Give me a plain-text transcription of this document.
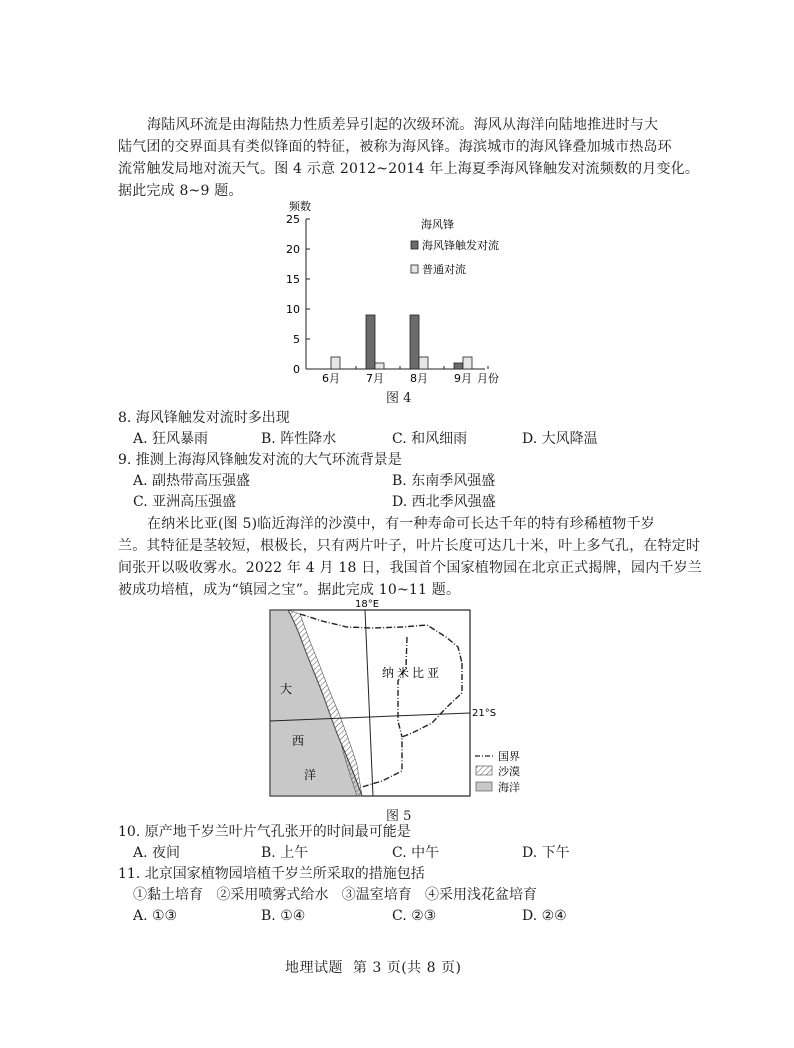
海陆风环流是由海陆热力性质差异引起的次级环流。海风从海洋向陆地推进时与大
陆气团的交界面具有类似锋面的特征，被称为海风锋。海滨城市的海风锋叠加城市热岛环
流常触发局地对流天气。图 4 示意 2012~2014 年上海夏季海风锋触发对流频数的月变化。
据此完成 8~9 题。
频数
0
5
10
15
20
25
6月 7月 8月 9月 月份
海风锋
海风锋触发对流
普通对流
图 4
8. 海风锋触发对流时多出现
A. 狂风暴雨	B. 阵性降水	C. 和风细雨	D. 大风降温
9. 推测上海海风锋触发对流的大气环流背景是
A. 副热带高压强盛	B. 东南季风强盛
C. 亚洲高压强盛	D. 西北季风强盛
在纳米比亚(图 5)临近海洋的沙漠中，有一种寿命可长达千年的特有珍稀植物千岁
兰。其特征是茎较短，根极长，只有两片叶子，叶片长度可达几十米，叶上多气孔，在特定时
间张开以吸收雾水。2022 年 4 月 18 日，我国首个国家植物园在北京正式揭牌，园内千岁兰
被成功培植，成为“镇园之宝”。据此完成 10~11 题。
18°E
21°S
纳米比亚
大
西
洋
国界
沙漠
海洋
图 5
10. 原产地千岁兰叶片气孔张开的时间最可能是
A. 夜间	B. 上午	C. 中午	D. 下午
11. 北京国家植物园培植千岁兰所采取的措施包括
①黏土培育   ②采用喷雾式给水   ③温室培育   ④采用浅花盆培育
A. ①③	B. ①④	C. ②③	D. ②④
地理试题  第 3 页(共 8 页)
